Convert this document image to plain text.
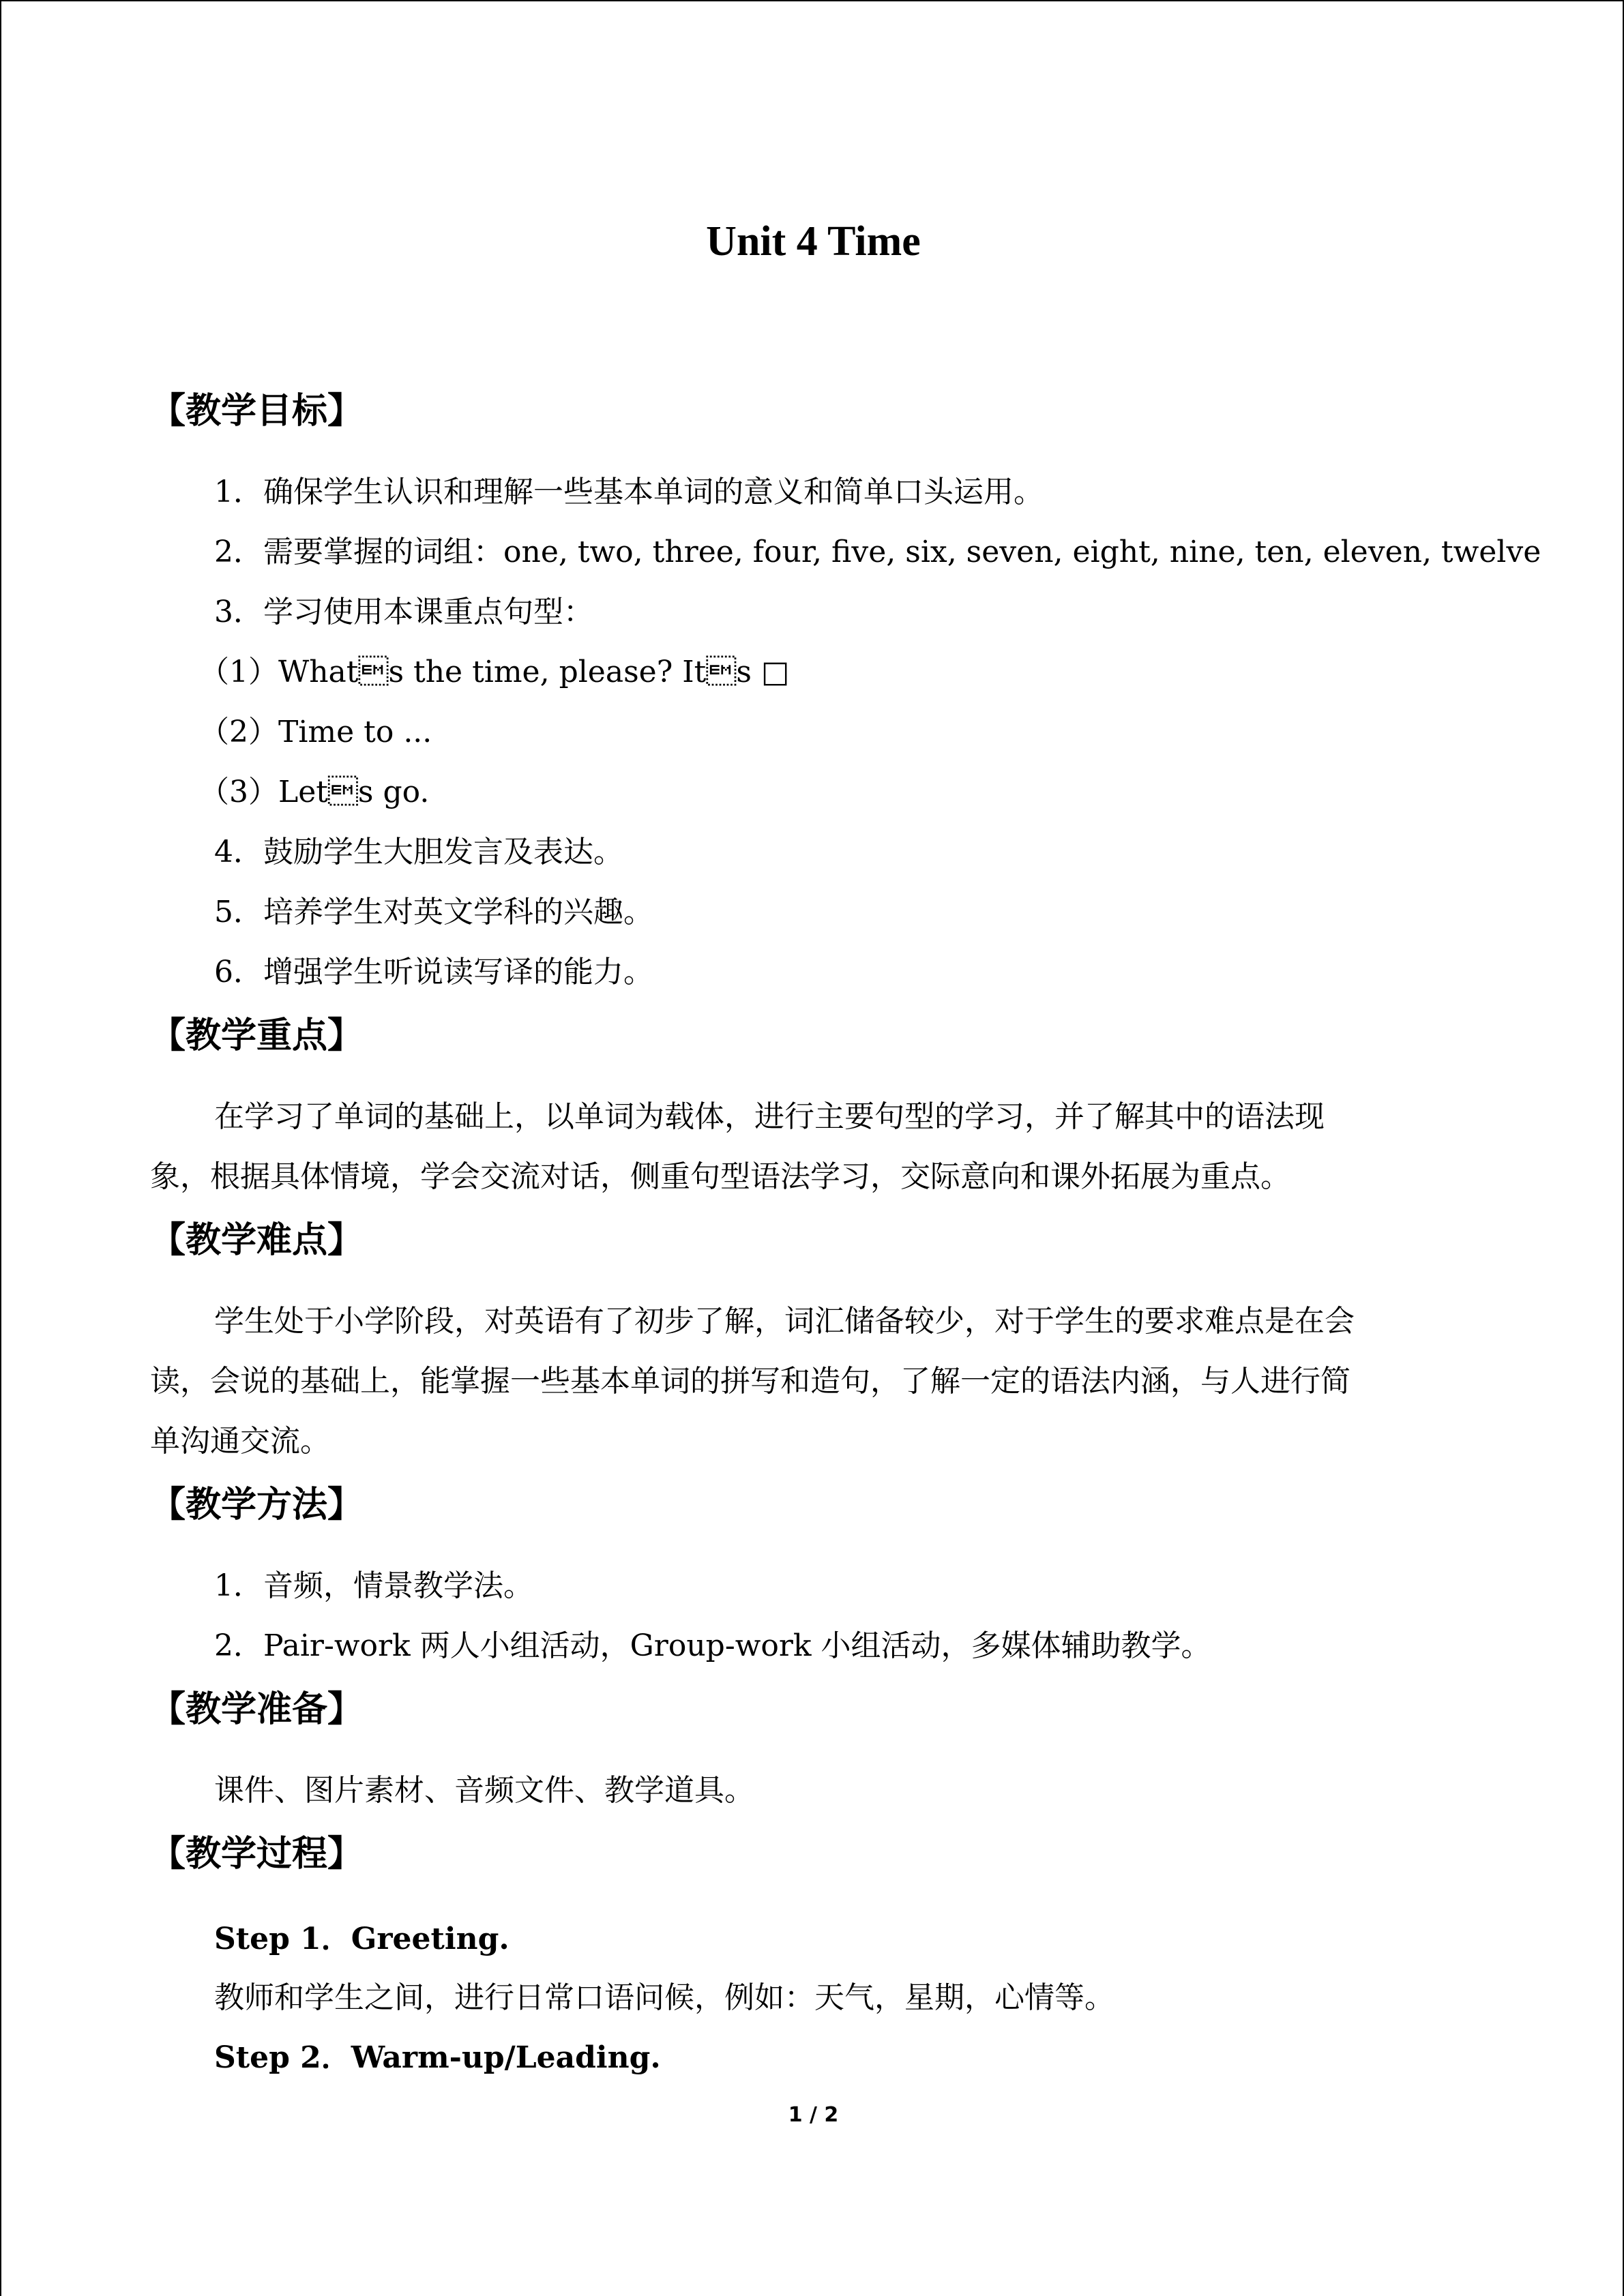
Unit 4 Time
【教学目标】
1．确保学生认识和理解一些基本单词的意义和简单口头运用。
2．需要掌握的词组：one, two, three, four, five, six, seven, eight, nine, ten, eleven, twelve
3．学习使用本课重点句型：
（1）Whats the time, please? Its □
（2）Time to ...
（3）Lets go.
4．鼓励学生大胆发言及表达。
5．培养学生对英文学科的兴趣。
6．增强学生听说读写译的能力。
【教学重点】
在学习了单词的基础上，以单词为载体，进行主要句型的学习，并了解其中的语法现
象，根据具体情境，学会交流对话，侧重句型语法学习，交际意向和课外拓展为重点。
【教学难点】
学生处于小学阶段，对英语有了初步了解，词汇储备较少，对于学生的要求难点是在会
读，会说的基础上，能掌握一些基本单词的拼写和造句，了解一定的语法内涵，与人进行简
单沟通交流。
【教学方法】
1．音频，情景教学法。
2．Pair-work 两人小组活动，Group-work 小组活动，多媒体辅助教学。
【教学准备】
课件、图片素材、音频文件、教学道具。
【教学过程】
Step 1．Greeting.
教师和学生之间，进行日常口语问候，例如：天气，星期，心情等。
Step 2．Warm-up/Leading.
1 / 2
